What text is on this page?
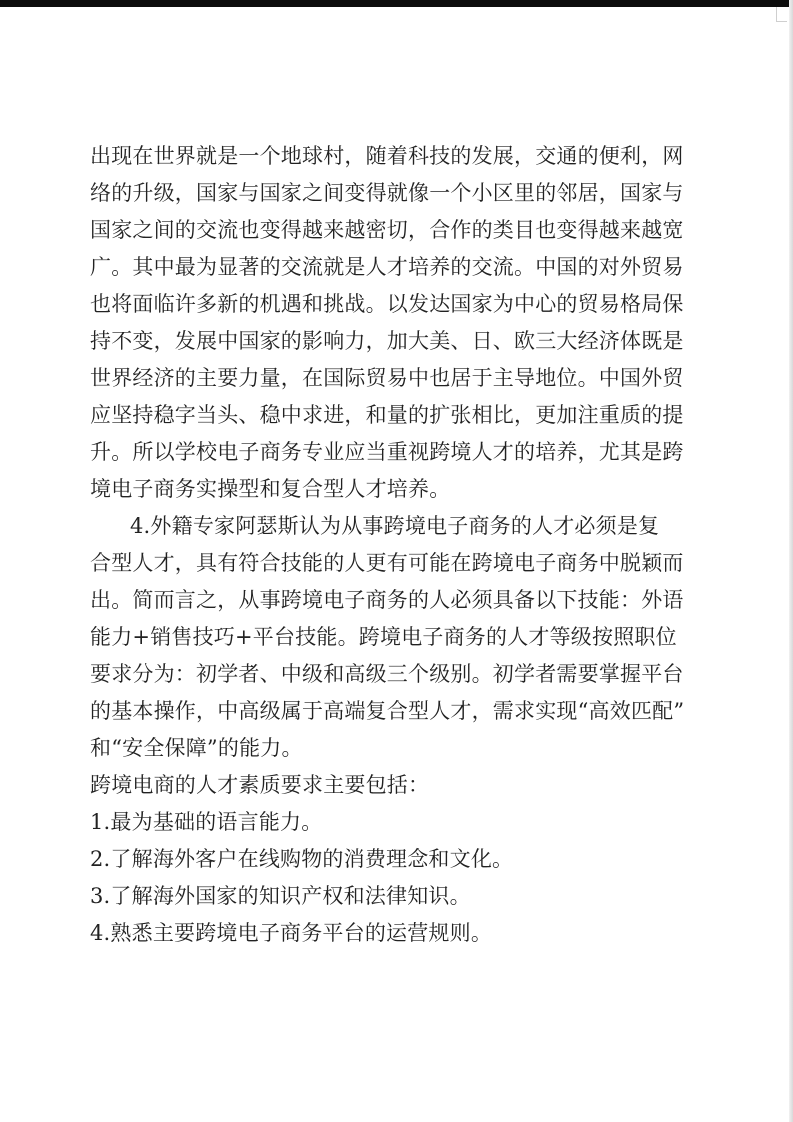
出现在世界就是一个地球村，随着科技的发展，交通的便利，网
络的升级，国家与国家之间变得就像一个小区里的邻居，国家与
国家之间的交流也变得越来越密切，合作的类目也变得越来越宽
广。其中最为显著的交流就是人才培养的交流。中国的对外贸易
也将面临许多新的机遇和挑战。以发达国家为中心的贸易格局保
持不变，发展中国家的影响力，加大美、日、欧三大经济体既是
世界经济的主要力量，在国际贸易中也居于主导地位。中国外贸
应坚持稳字当头、稳中求进，和量的扩张相比，更加注重质的提
升。所以学校电子商务专业应当重视跨境人才的培养，尤其是跨
境电子商务实操型和复合型人才培养。
4.外籍专家阿瑟斯认为从事跨境电子商务的人才必须是复
合型人才，具有符合技能的人更有可能在跨境电子商务中脱颖而
出。简而言之，从事跨境电子商务的人必须具备以下技能：外语
能力+销售技巧+平台技能。跨境电子商务的人才等级按照职位
要求分为：初学者、中级和高级三个级别。初学者需要掌握平台
的基本操作，中高级属于高端复合型人才，需求实现“高效匹配”
和“安全保障”的能力。
跨境电商的人才素质要求主要包括：
1.最为基础的语言能力。
2.了解海外客户在线购物的消费理念和文化。
3.了解海外国家的知识产权和法律知识。
4.熟悉主要跨境电子商务平台的运营规则。
